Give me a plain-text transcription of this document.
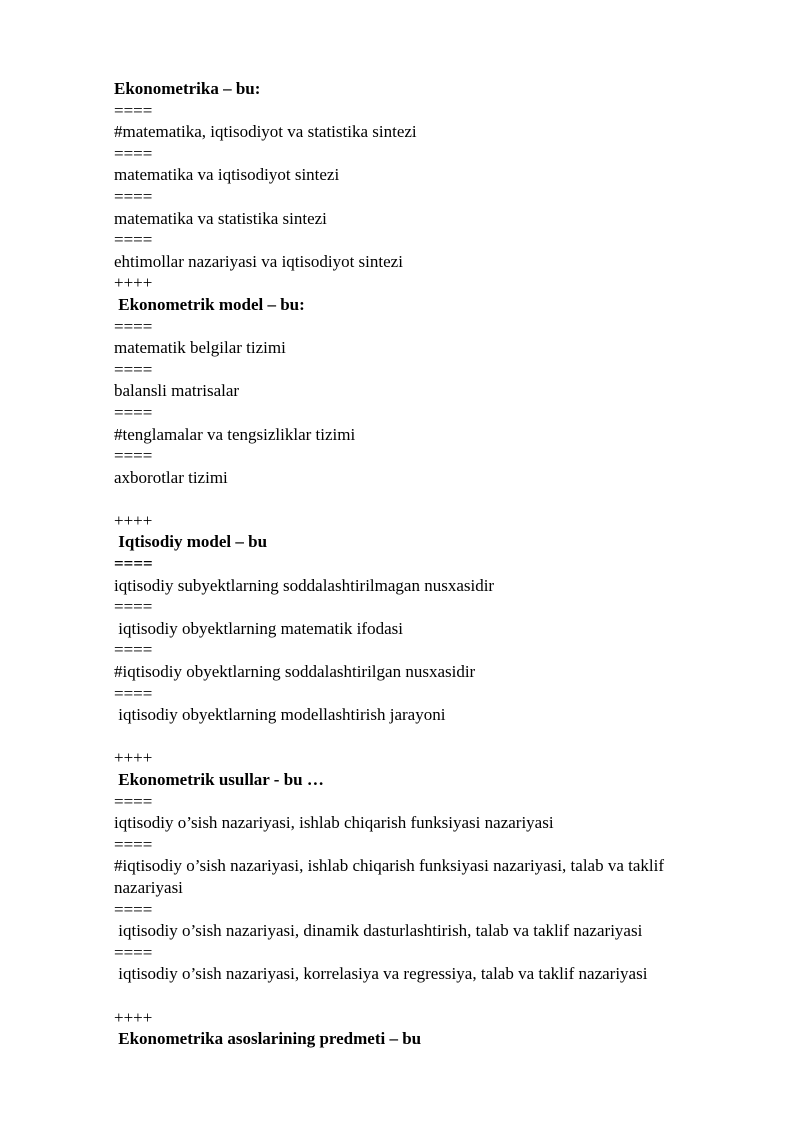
Ekonometrika – bu:
====
#matematika, iqtisodiyot va statistika sintezi
====
matematika va iqtisodiyot sintezi
====
matematika va statistika sintezi
====
ehtimollar nazariyasi va iqtisodiyot sintezi
++++
Ekonometrik model – bu:
====
matematik belgilar tizimi
====
balansli matrisalar
====
#tenglamalar va tengsizliklar tizimi
====
axborotlar tizimi
++++
Iqtisodiy model – bu
====
iqtisodiy subyektlarning soddalashtirilmagan nusxasidir
====
iqtisodiy obyektlarning matematik ifodasi
====
#iqtisodiy obyektlarning soddalashtirilgan nusxasidir
====
iqtisodiy obyektlarning modellashtirish jarayoni
++++
Ekonometrik usullar - bu …
====
iqtisodiy o’sish nazariyasi, ishlab chiqarish funksiyasi nazariyasi
====
#iqtisodiy o’sish nazariyasi, ishlab chiqarish funksiyasi nazariyasi, talab va taklif nazariyasi
====
iqtisodiy o’sish nazariyasi, dinamik dasturlashtirish, talab va taklif nazariyasi
====
iqtisodiy o’sish nazariyasi, korrelasiya va regressiya, talab va taklif nazariyasi
++++
Ekonometrika asoslarining predmeti – bu
